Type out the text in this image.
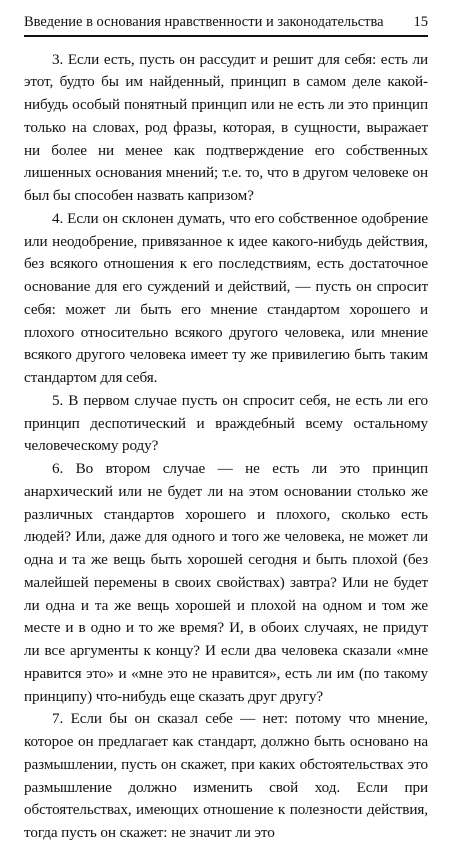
Введение в основания нравственности и законодательства 15

3. Если есть, пусть он рассудит и решит для себя: есть ли этот, будто бы им найденный, принцип в самом деле какой-нибудь особый понятный принцип или не есть ли это принцип только на словах, род фразы, которая, в сущности, выражает ни более ни менее как подтверждение его собственных лишенных основания мнений; т.е. то, что в другом человеке он был бы способен назвать капризом?

4. Если он склонен думать, что его собственное одобрение или неодобрение, привязанное к идее какого-нибудь действия, без всякого отношения к его последствиям, есть достаточное основание для его суждений и действий, — пусть он спросит себя: может ли быть его мнение стандартом хорошего и плохого относительно всякого другого человека, или мнение всякого другого человека имеет ту же привилегию быть таким стандартом для себя.

5. В первом случае пусть он спросит себя, не есть ли его принцип деспотический и враждебный всему остальному человеческому роду?

6. Во втором случае — не есть ли это принцип анархический или не будет ли на этом основании столько же различных стандартов хорошего и плохого, сколько есть людей? Или, даже для одного и того же человека, не может ли одна и та же вещь быть хорошей сегодня и быть плохой (без малейшей перемены в своих свойствах) завтра? Или не будет ли одна и та же вещь хорошей и плохой на одном и том же месте и в одно и то же время? И, в обоих случаях, не придут ли все аргументы к концу? И если два человека сказали «мне нравится это» и «мне это не нравится», есть ли им (по такому принципу) что-нибудь еще сказать друг другу?

7. Если бы он сказал себе — нет: потому что мнение, которое он предлагает как стандарт, должно быть основано на размышлении, пусть он скажет, при каких обстоятельствах это размышление должно изменить свой ход. Если при обстоятельствах, имеющих отношение к полезности действия, тогда пусть он скажет: не значит ли это
